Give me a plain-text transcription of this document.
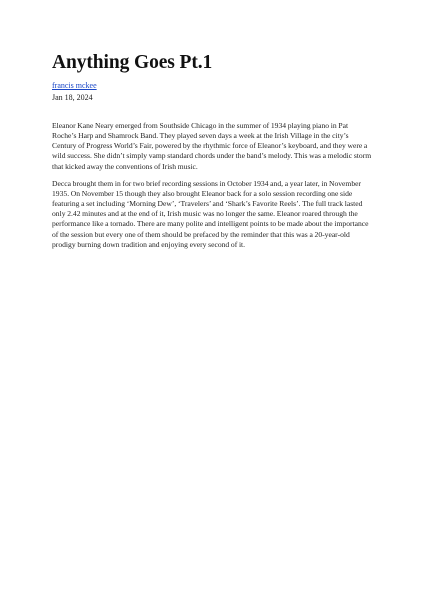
Anything Goes Pt.1
francis mckee
Jan 18, 2024

Eleanor Kane Neary emerged from Southside Chicago in the summer of 1934 playing piano in Pat Roche’s Harp and Shamrock Band. They played seven days a week at the Irish Village in the city’s Century of Progress World’s Fair, powered by the rhythmic force of Eleanor’s keyboard, and they were a wild success. She didn’t simply vamp standard chords under the band’s melody. This was a melodic storm that kicked away the conventions of Irish music.

Decca brought them in for two brief recording sessions in October 1934 and, a year later, in November 1935. On November 15 though they also brought Eleanor back for a solo session recording one side featuring a set including ‘Morning Dew’, ‘Travelers’ and ‘Shark’s Favorite Reels’. The full track lasted only 2.42 minutes and at the end of it, Irish music was no longer the same. Eleanor roared through the performance like a tornado. There are many polite and intelligent points to be made about the importance of the session but every one of them should be prefaced by the reminder that this was a 20-year-old prodigy burning down tradition and enjoying every second of it.
